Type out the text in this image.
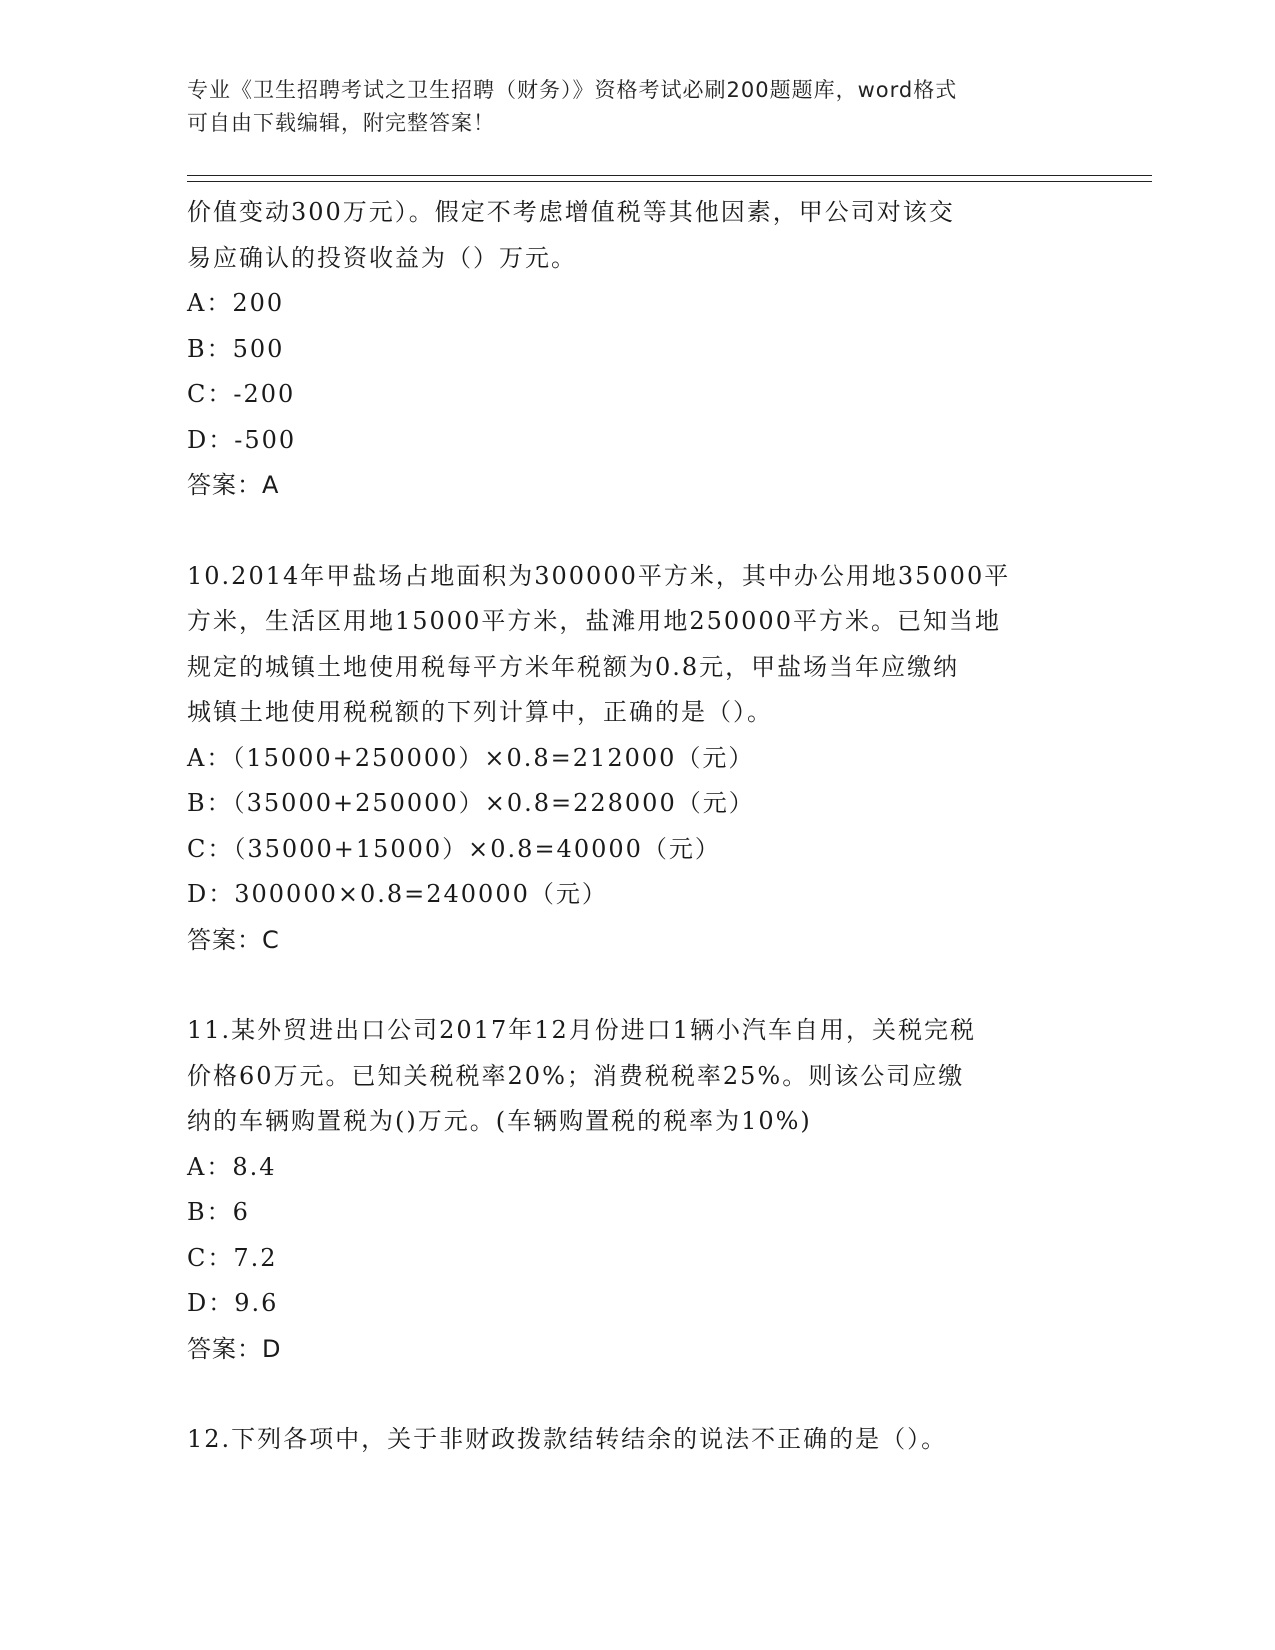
专业《卫生招聘考试之卫生招聘（财务）》资格考试必刷200题题库，word格式
可自由下载编辑，附完整答案！
价值变动300万元）。假定不考虑增值税等其他因素，甲公司对该交
易应确认的投资收益为（）万元。
A：200
B：500
C：-200
D：-500
答案：A
10.2014年甲盐场占地面积为300000平方米，其中办公用地35000平
方米，生活区用地15000平方米，盐滩用地250000平方米。已知当地
规定的城镇土地使用税每平方米年税额为0.8元，甲盐场当年应缴纳
城镇土地使用税税额的下列计算中，正确的是（）。
A：（15000+250000）×0.8=212000（元）
B：（35000+250000）×0.8=228000（元）
C：（35000+15000）×0.8=40000（元）
D：300000×0.8=240000（元）
答案：C
11.某外贸进出口公司2017年12月份进口1辆小汽车自用，关税完税
价格60万元。已知关税税率20%；消费税税率25%。则该公司应缴
纳的车辆购置税为()万元。(车辆购置税的税率为10%)
A：8.4
B：6
C：7.2
D：9.6
答案：D
12.下列各项中，关于非财政拨款结转结余的说法不正确的是（）。
